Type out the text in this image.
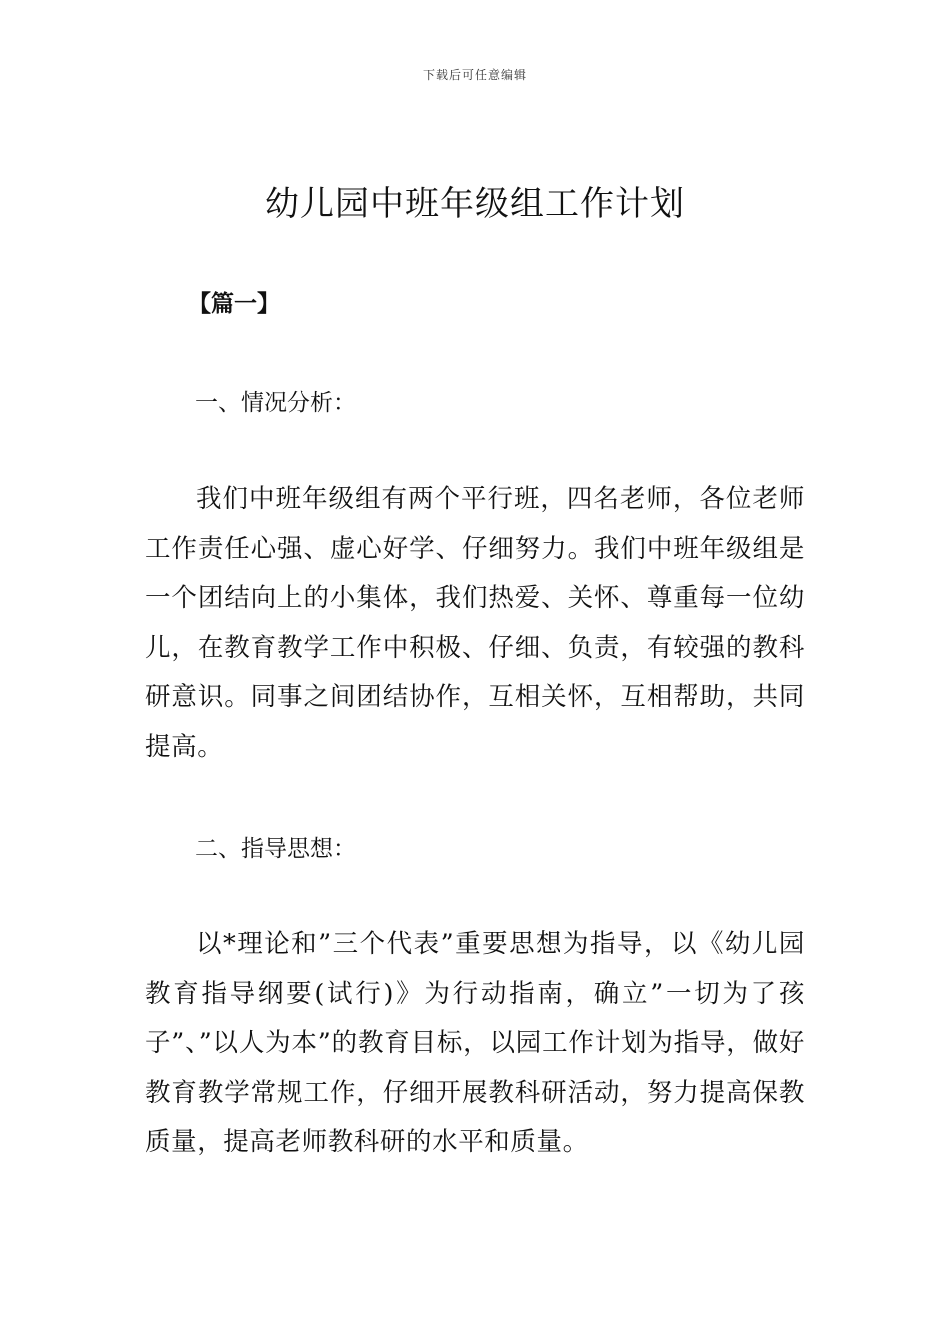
下载后可任意编辑
幼儿园中班年级组工作计划
【篇一】
一、情况分析：

我们中班年级组有两个平行班，四名老师，各位老师工作责任心强、虚心好学、仔细努力。我们中班年级组是一个团结向上的小集体，我们热爱、关怀、尊重每一位幼儿，在教育教学工作中积极、仔细、负责，有较强的教科研意识。同事之间团结协作，互相关怀，互相帮助，共同提高。

二、指导思想：

以*理论和”三个代表”重要思想为指导，以《幼儿园教育指导纲要(试行)》为行动指南，确立”一切为了孩子”、”以人为本”的教育目标，以园工作计划为指导，做好教育教学常规工作，仔细开展教科研活动，努力提高保教质量，提高老师教科研的水平和质量。
